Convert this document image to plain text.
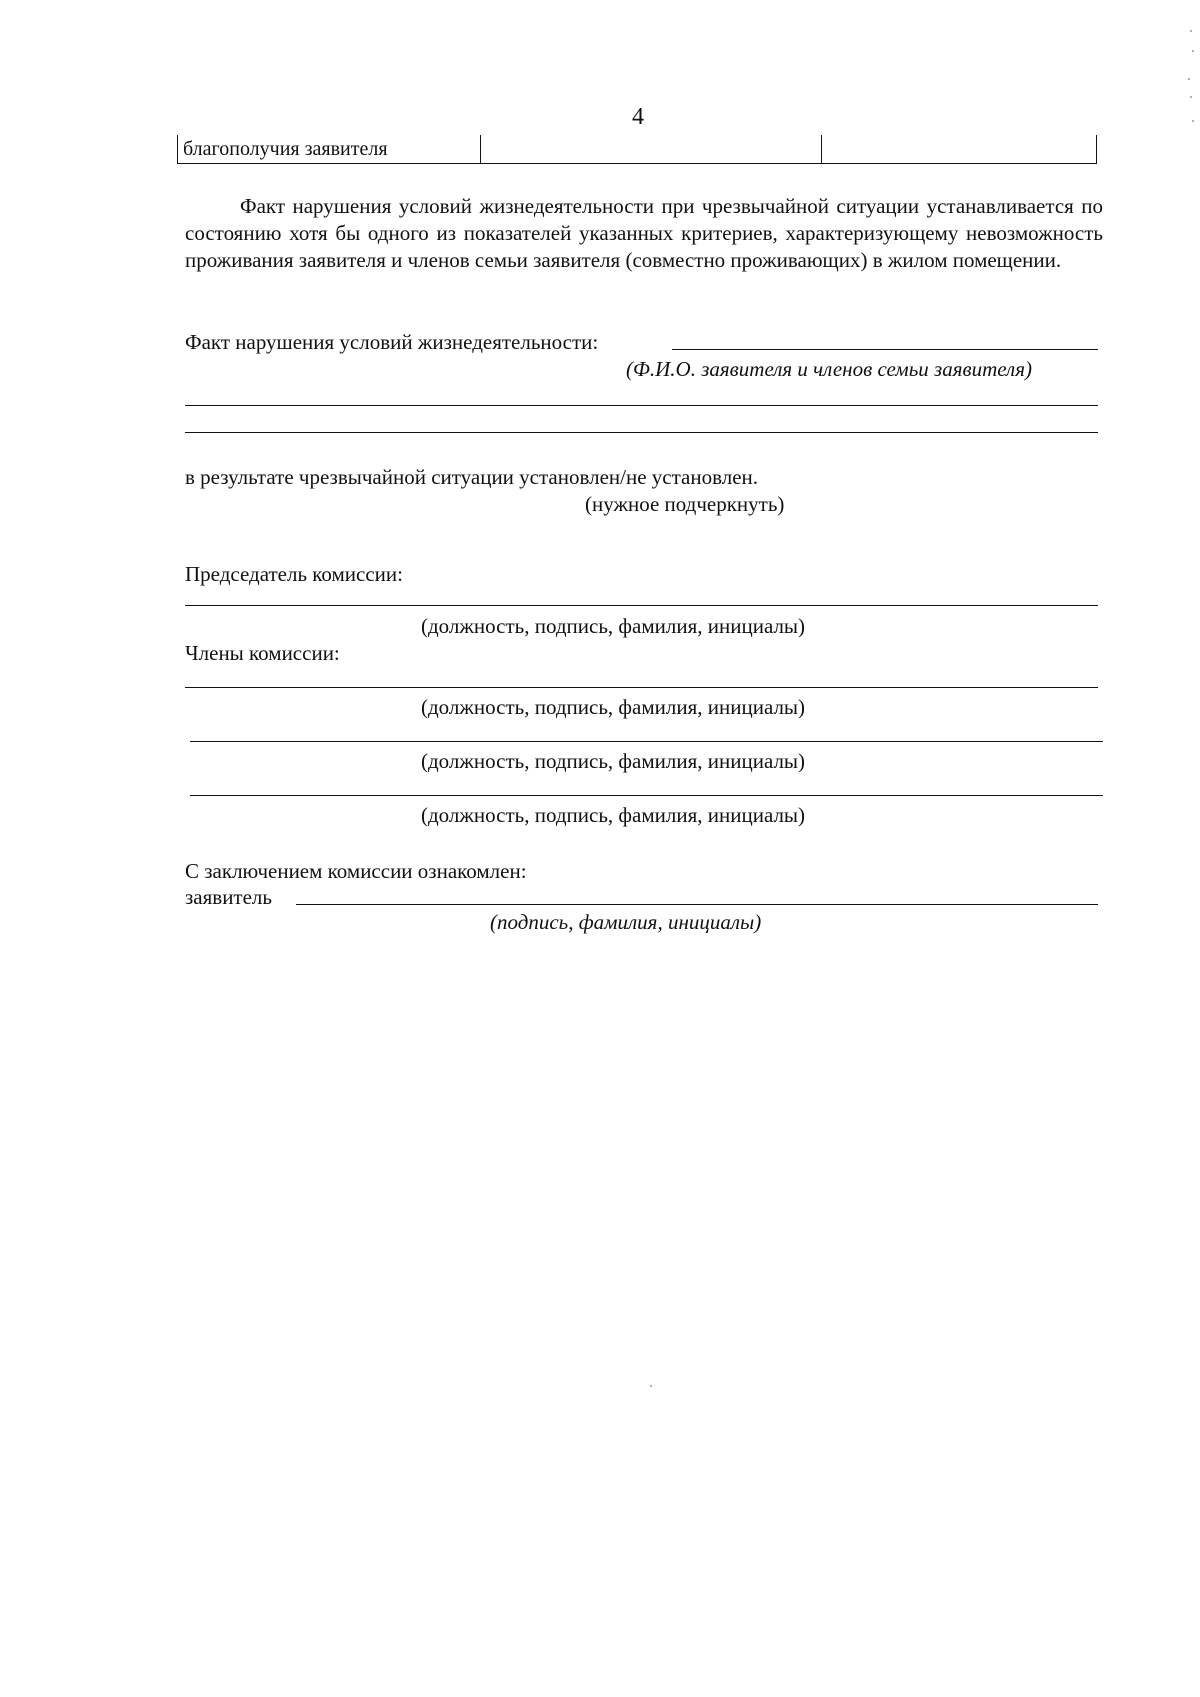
4
благополучия заявителя
Факт нарушения условий жизнедеятельности при чрезвычайной ситуации устанавливается по состоянию хотя бы одного из показателей указанных критериев, характеризующему невозможность проживания заявителя и членов семьи заявителя (совместно проживающих) в жилом помещении.
Факт нарушения условий жизнедеятельности:
(Ф.И.О. заявителя и членов семьи заявителя)
в результате чрезвычайной ситуации установлен/не установлен.
(нужное подчеркнуть)
Председатель комиссии:
(должность, подпись, фамилия, инициалы)
Члены комиссии:
(должность, подпись, фамилия, инициалы)
(должность, подпись, фамилия, инициалы)
(должность, подпись, фамилия, инициалы)
С заключением комиссии ознакомлен:
заявитель
(подпись, фамилия, инициалы)
